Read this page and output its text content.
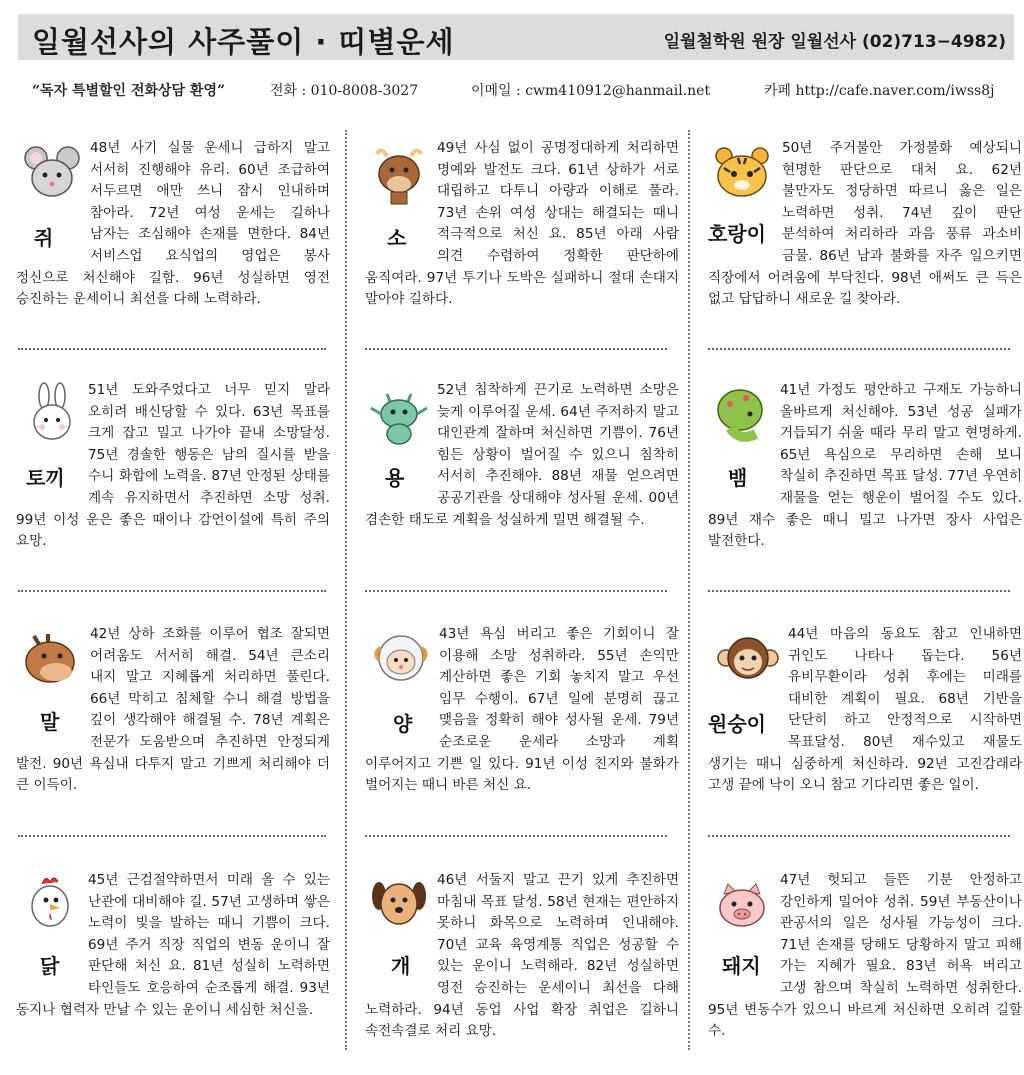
일월선사의 사주풀이 · 띠별운세	일월철학원 원장 일월선사 (02)713−4982)
“독자 특별할인 전화상담 환영”	전화 : 010-8008-3027	이메일 : cwm410912@hanmail.net	카페 http://cafe.naver.com/iwss8j
쥐
48년 사기 실물 운세니 급하지 말고 서서히 진행해야 유리. 60년 조급하여 서두르면 애만 쓰니 잠시 인내하며 참아라. 72년 여성 운세는 길하나 남자는 조심해야 손재를 면한다. 84년 서비스업 요식업의 영업은 봉사 정신으로 처신해야 길함. 96년 성실하면 영전 승진하는 운세이니 최선을 다해 노력하라.
소
49년 사심 없이 공명정대하게 처리하면 명예와 발전도 크다. 61년 상하가 서로 대립하고 다투니 아량과 이해로 풀라. 73년 손위 여성 상대는 해결되는 때니 적극적으로 처신 요. 85년 아래 사람 의견 수렴하여 정확한 판단하에 움직여라. 97년 투기나 도박은 실패하니 절대 손대지 말아야 길하다.
호랑이
50년 주거불안 가정불화 예상되니 현명한 판단으로 대처 요. 62년 불만자도 정당하면 따르니 옳은 일은 노력하면 성취. 74년 깊이 판단 분석하여 처리하라 과음 풍류 과소비 금물. 86년 남과 불화를 자주 일으키면 직장에서 어려움에 부닥친다. 98년 애써도 큰 득은 없고 답답하니 새로운 길 찾아라.
토끼
51년 도와주었다고 너무 믿지 말라 오히려 배신당할 수 있다. 63년 목표를 크게 잡고 밀고 나가야 끝내 소망달성. 75년 경솔한 행동은 남의 질시를 받을 수니 화합에 노력을. 87년 안정된 상태를 계속 유지하면서 추진하면 소망 성취. 99년 이성 운은 좋은 때이나 감언이설에 특히 주의 요망.
용
52년 침착하게 끈기로 노력하면 소망은 늦게 이루어질 운세. 64년 주저하지 말고 대인관계 잘하며 처신하면 기쁨이. 76년 힘든 상황이 벌어질 수 있으니 침착히 서서히 추진해야. 88년 재물 얻으려면 공공기관을 상대해야 성사될 운세. 00년 겸손한 태도로 계획을 성실하게 밀면 해결될 수.
뱀
41년 가정도 평안하고 구재도 가능하니 올바르게 처신해야. 53년 성공 실패가 거듭되기 쉬울 때라 무리 말고 현명하게. 65년 욕심으로 무리하면 손해 보니 착실히 추진하면 목표 달성. 77년 우연히 재물을 얻는 행운이 벌어질 수도 있다. 89년 재수 좋은 때니 밀고 나가면 장사 사업은 발전한다.
말
42년 상하 조화를 이루어 협조 잘되면 어려움도 서서히 해결. 54년 큰소리 내지 말고 지혜롭게 처리하면 풀린다. 66년 막히고 침체할 수니 해결 방법을 깊이 생각해야 해결될 수. 78년 계획은 전문가 도움받으며 추진하면 안정되게 발전. 90년 욕심내 다투지 말고 기쁘게 처리해야 더 큰 이득이.
양
43년 욕심 버리고 좋은 기회이니 잘 이용해 소망 성취하라. 55년 손익만 계산하면 좋은 기회 놓치지 말고 우선 임무 수행이. 67년 일에 분명히 끊고 맺음을 정확히 해야 성사될 운세. 79년 순조로운 운세라 소망과 계획 이루어지고 기쁜 일 있다. 91년 이성 친지와 불화가 벌어지는 때니 바른 처신 요.
원숭이
44년 마음의 동요도 참고 인내하면 귀인도 나타나 돕는다. 56년 유비무환이라 성취 후에는 미래를 대비한 계획이 필요. 68년 기반을 단단히 하고 안정적으로 시작하면 목표달성. 80년 재수있고 재물도 생기는 때니 심중하게 처신하라. 92년 고진감래라 고생 끝에 낙이 오니 참고 기다리면 좋은 일이.
닭
45년 근검절약하면서 미래 올 수 있는 난관에 대비해야 길. 57년 고생하며 쌓은 노력이 빛을 발하는 때니 기쁨이 크다. 69년 주거 직장 직업의 변동 운이니 잘 판단해 처신 요. 81년 성실히 노력하면 타인들도 호응하여 순조롭게 해결. 93년 동지나 협력자 만날 수 있는 운이니 세심한 처신을.
개
46년 서둘지 말고 끈기 있게 추진하면 마침내 목표 달성. 58년 현재는 편안하지 못하니 화목으로 노력하며 인내해야. 70년 교육 육영계통 직업은 성공할 수 있는 운이니 노력해라. 82년 성실하면 영전 승진하는 운세이니 최선을 다해 노력하라. 94년 동업 사업 확장 취업은 길하니 속전속결로 처리 요망.
돼지
47년 헛되고 들뜬 기분 안정하고 강인하게 밀어야 성취. 59년 부동산이나 관공서의 일은 성사될 가능성이 크다. 71년 손재를 당해도 당황하지 말고 피해 가는 지혜가 필요. 83년 허욕 버리고 고생 참으며 착실히 노력하면 성취한다. 95년 변동수가 있으니 바르게 처신하면 오히려 길할 수.
